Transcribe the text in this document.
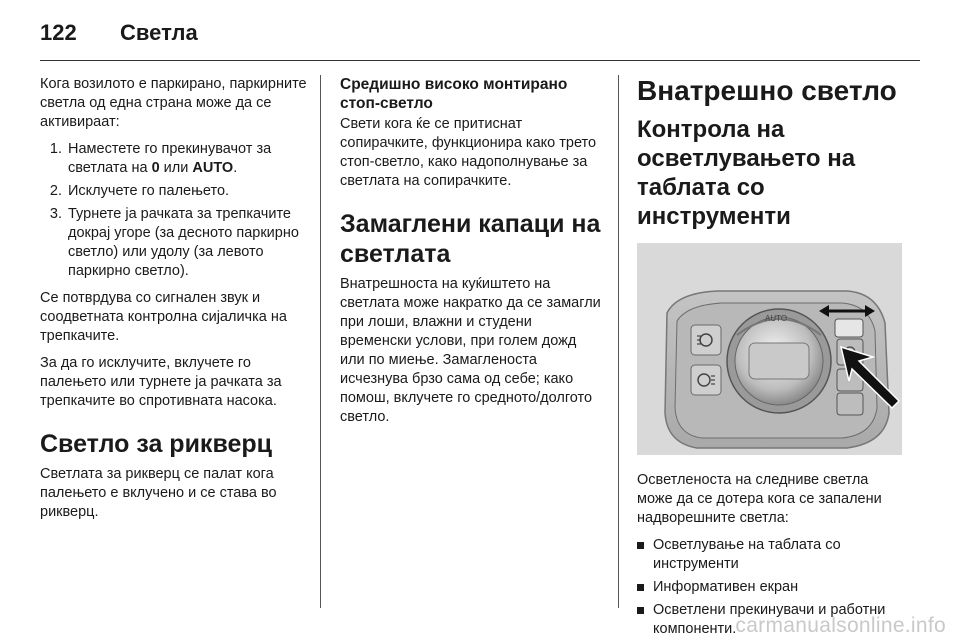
122 Светла

Кога возилото е паркирано, паркирните светла од една страна може да се активираат:

1. Наместете го прекинувачот за светлата на 0 или AUTO.
2. Исклучете го палењето.
3. Турнете ја рачката за трепкачите докрај угоре (за десното паркирно светло) или удолу (за левото паркирно светло).

Се потврдува со сигнален звук и соодветната контролна сијаличка на трепкачите.

За да го исклучите, вклучете го палењето или турнете ја рачката за трепкачите во спротивната насока.

Светло за рикверц

Светлата за рикверц се палат кога палењето е вклучено и се става во рикверц.

Средишно високо монтирано стоп-светло

Свети кога ќе се притиснат сопирачките, функционира како трето стоп-светло, како надополнување за светлата на сопирачките.

Замаглени капаци на светлата

Внатрешноста на куќиштето на светлата може накратко да се замагли при лоши, влажни и студени временски услови, при голем дожд или по миење. Замагленоста исчезнува брзо сама од себе; како помош, вклучете го средното/долгото светло.

Внатрешно светло
Контрола на осветлувањето на таблата со инструменти
AUTO

Осветленоста на следниве светла може да се дотера кога се запалени надворешните светла:

Осветлување на таблата со инструменти
Информативен екран
Осветлени прекинувачи и работни компоненти. carmanualsonline.info
